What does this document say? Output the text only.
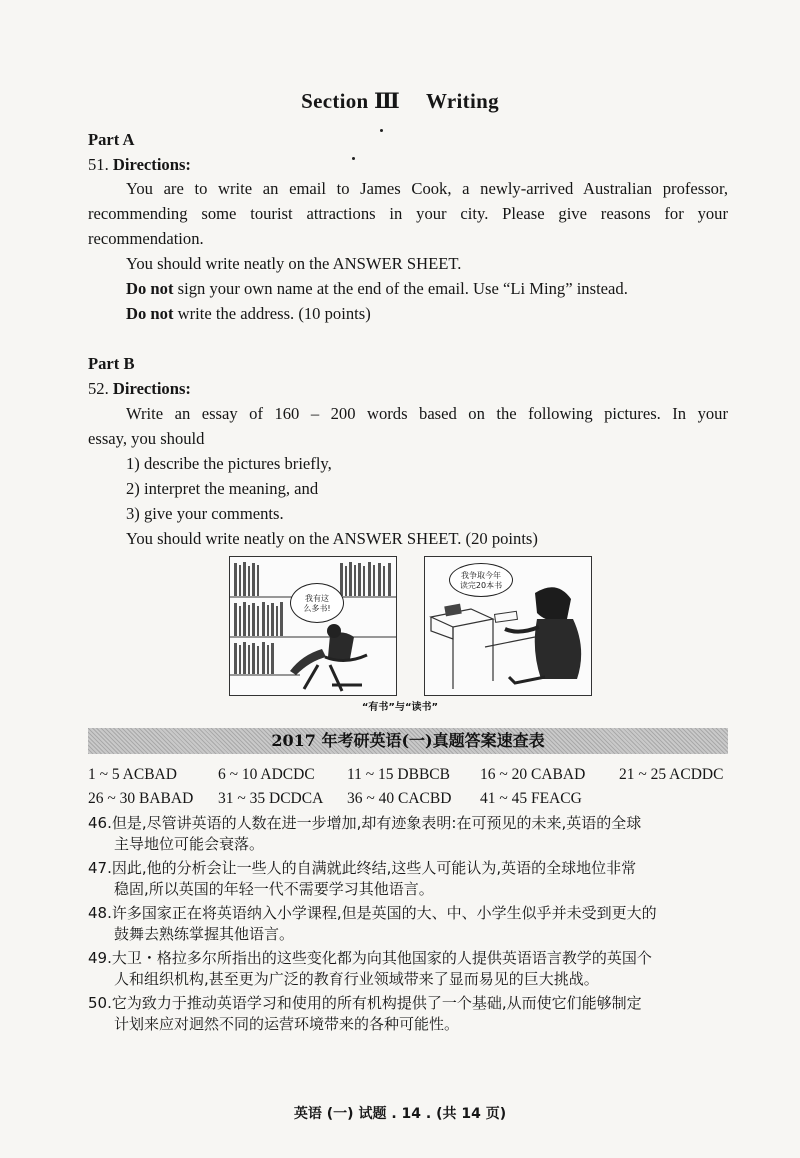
Section Ⅲ Writing
Part A
51. Directions:
You are to write an email to James Cook, a newly-arrived Australian professor,
recommending some tourist attractions in your city. Please give reasons for your
recommendation.
You should write neatly on the ANSWER SHEET.
Do not sign your own name at the end of the email. Use “Li Ming” instead.
Do not write the address. (10 points)
Part B
52. Directions:
Write an essay of 160 – 200 words based on the following pictures. In your
essay, you should
1) describe the pictures briefly,
2) interpret the meaning, and
3) give your comments.
You should write neatly on the ANSWER SHEET. (20 points)
我有这
么多书!
我争取今年
读完20本书
“有书”与“读书”
2017 年考研英语(一)真题答案速查表
1 ~ 5 ACBAD	6 ~ 10 ADCDC 11 ~ 15 DBBCB 16 ~ 20 CABAD 21 ~ 25 ACDDC
26 ~ 30 BABAD 31 ~ 35 DCDCA 36 ~ 40 CACBD 41 ~ 45 FEACG
46.但是,尽管讲英语的人数在进一步增加,却有迹象表明:在可预见的未来,英语的全球
主导地位可能会衰落。
47.因此,他的分析会让一些人的自满就此终结,这些人可能认为,英语的全球地位非常
稳固,所以英国的年轻一代不需要学习其他语言。
48.许多国家正在将英语纳入小学课程,但是英国的大、中、小学生似乎并未受到更大的
鼓舞去熟练掌握其他语言。
49.大卫・格拉多尔所指出的这些变化都为向其他国家的人提供英语语言教学的英国个
人和组织机构,甚至更为广泛的教育行业领域带来了显而易见的巨大挑战。
50.它为致力于推动英语学习和使用的所有机构提供了一个基础,从而使它们能够制定
计划来应对迥然不同的运营环境带来的各种可能性。
英语 (一) 试题 . 14 . (共 14 页)
